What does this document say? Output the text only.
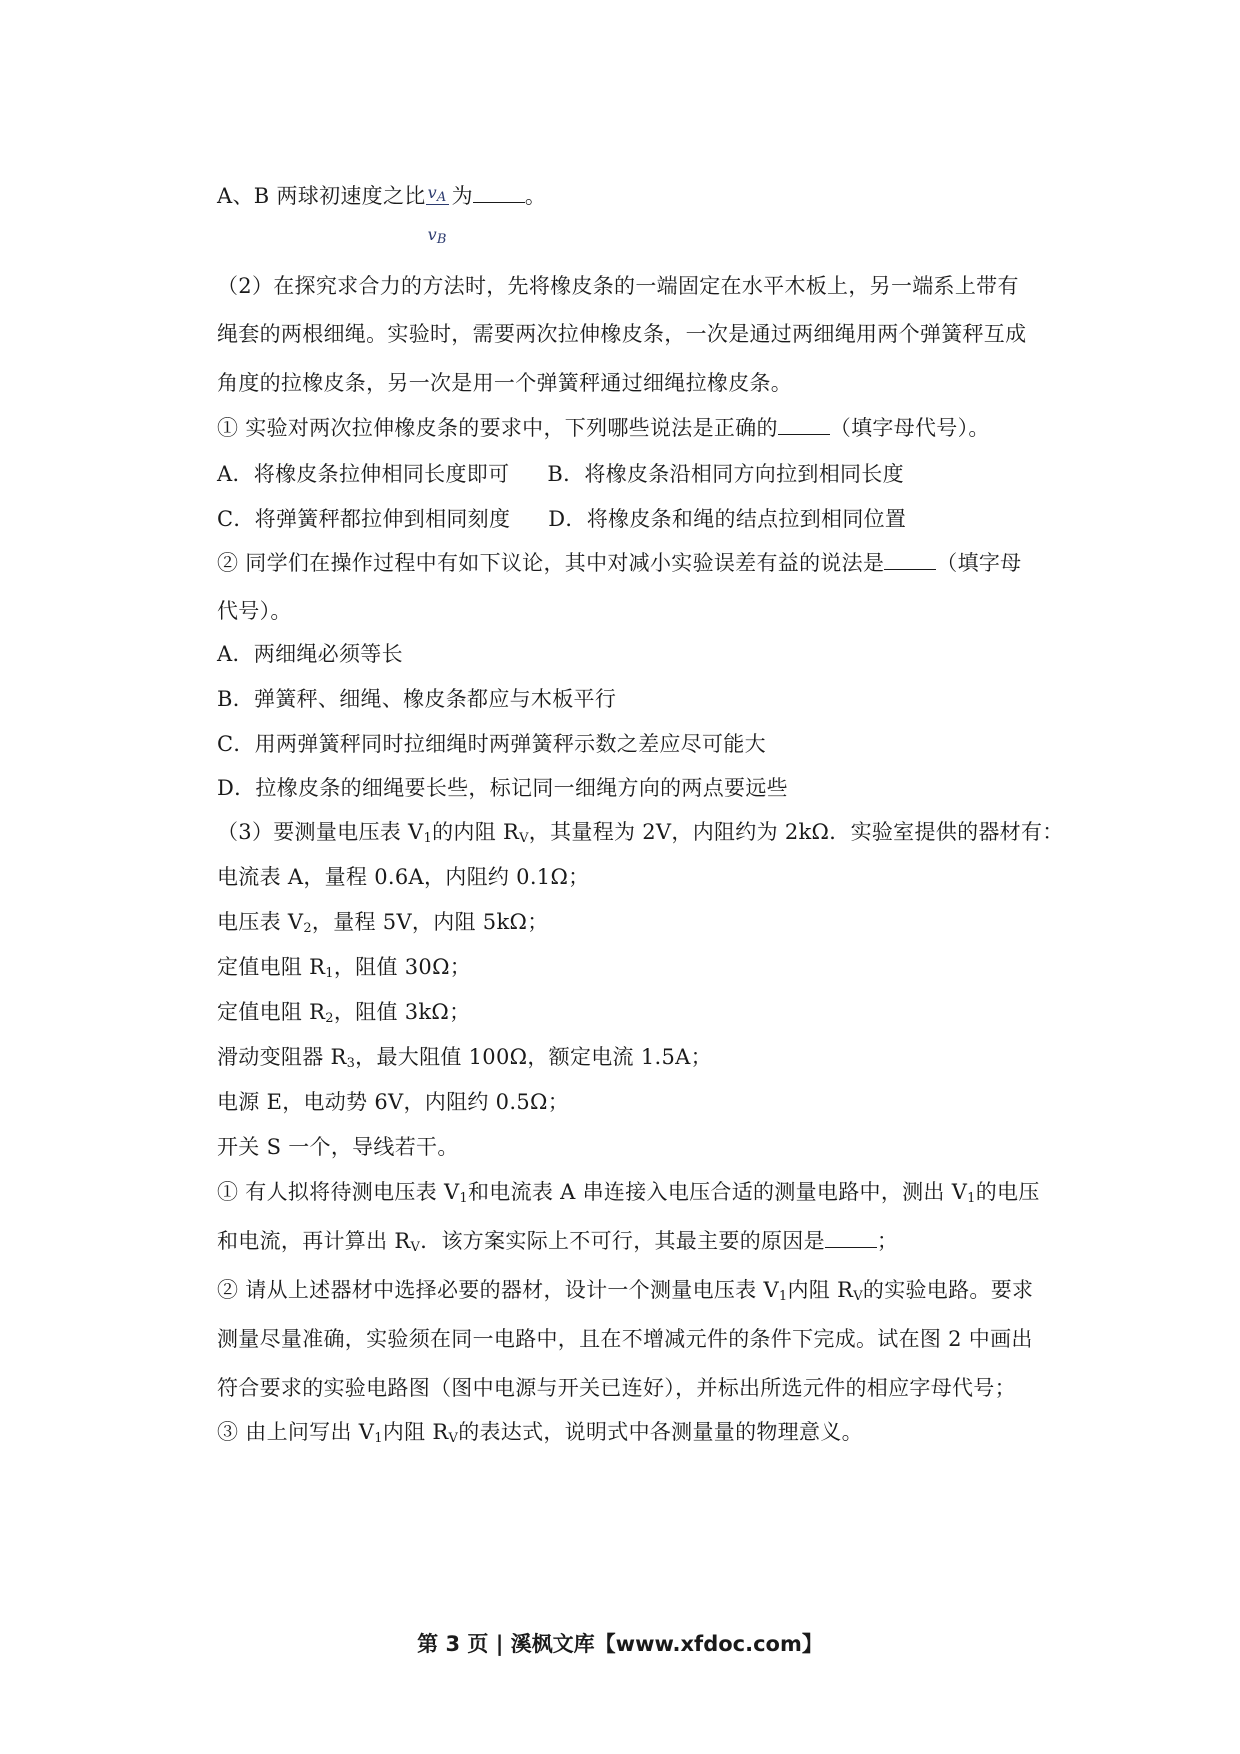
A、B 两球初速度之比 $\frac{v_A}{v_B}$ 为 。
（2）在探究求合力的方法时，先将橡皮条的一端固定在水平木板上，另一端系上带有
绳套的两根细绳。实验时，需要两次拉伸橡皮条，一次是通过两细绳用两个弹簧秤互成
角度的拉橡皮条，另一次是用一个弹簧秤通过细绳拉橡皮条。
① 实验对两次拉伸橡皮条的要求中，下列哪些说法是正确的 （填字母代号）。
A．将橡皮条拉伸相同长度即可 B．将橡皮条沿相同方向拉到相同长度
C．将弹簧秤都拉伸到相同刻度 D．将橡皮条和绳的结点拉到相同位置
② 同学们在操作过程中有如下议论，其中对减小实验误差有益的说法是 （填字母
代号）。
A．两细绳必须等长
B．弹簧秤、细绳、橡皮条都应与木板平行
C．用两弹簧秤同时拉细绳时两弹簧秤示数之差应尽可能大
D．拉橡皮条的细绳要长些，标记同一细绳方向的两点要远些
（3）要测量电压表 $V_1$的内阻 $R_V$，其量程为 2V，内阻约为 2kΩ．实验室提供的器材有：
电流表 A，量程 0.6A，内阻约 0.1Ω；
电压表 $V_2$，量程 5V，内阻 5kΩ；
定值电阻 $R_1$，阻值 30Ω；
定值电阻 $R_2$，阻值 3kΩ；
滑动变阻器 $R_3$，最大阻值 100Ω，额定电流 1.5A；
电源 E，电动势 6V，内阻约 0.5Ω；
开关 S 一个，导线若干。
① 有人拟将待测电压表 $V_1$和电流表 A 串连接入电压合适的测量电路中，测出 $V_1$的电压
和电流，再计算出 $R_V$．该方案实际上不可行，其最主要的原因是 ；
② 请从上述器材中选择必要的器材，设计一个测量电压表 $V_1$内阻 $R_V$的实验电路。要求
测量尽量准确，实验须在同一电路中，且在不增减元件的条件下完成。试在图 2 中画出
符合要求的实验电路图（图中电源与开关已连好），并标出所选元件的相应字母代号；
③ 由上问写出 $V_1$内阻 $R_V$的表达式，说明式中各测量量的物理意义。
第 3 页 | 溪枫文库【www.xfdoc.com】
